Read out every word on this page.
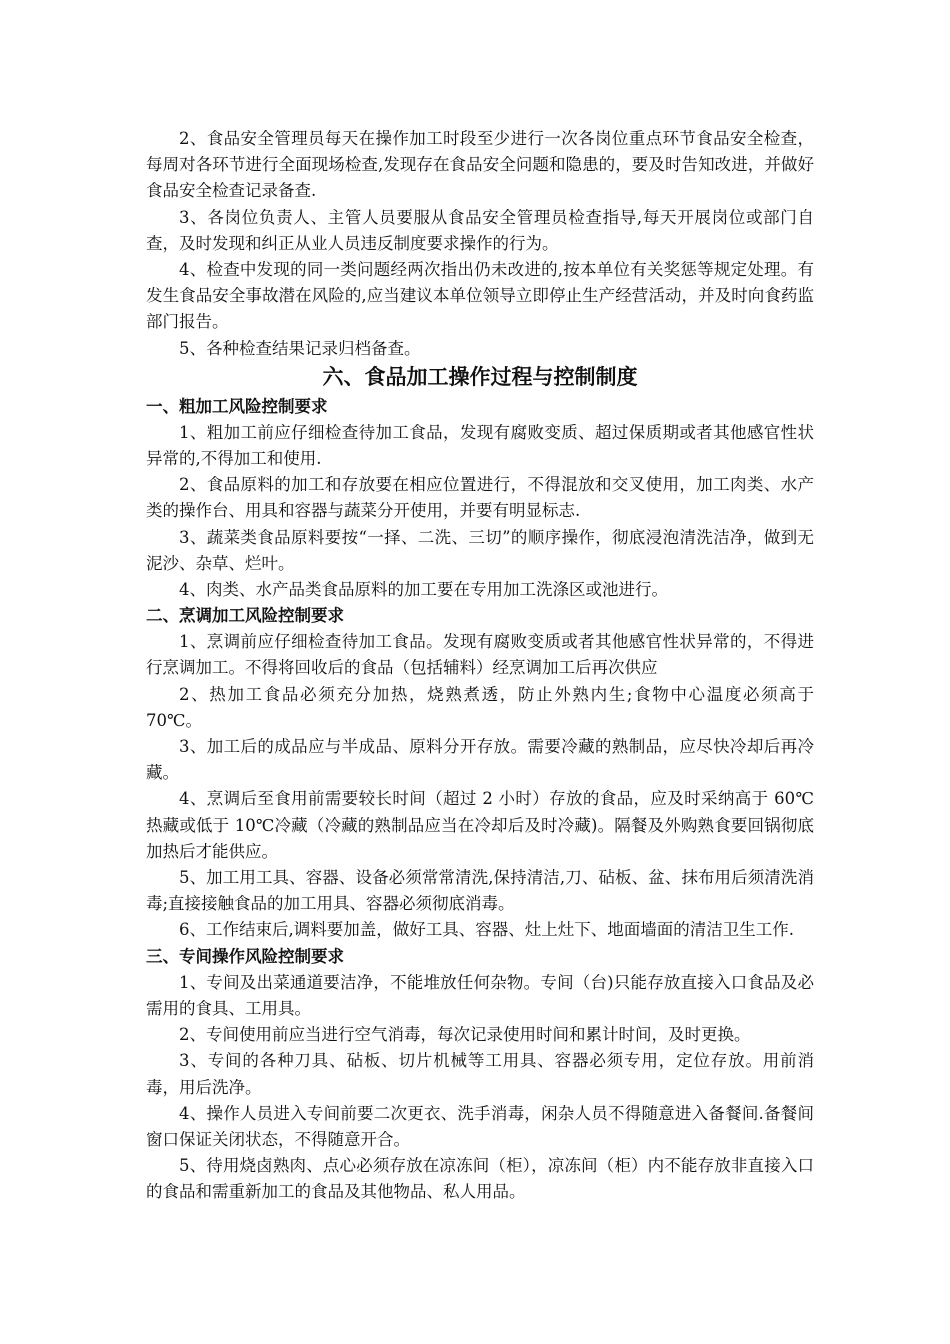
2、食品安全管理员每天在操作加工时段至少进行一次各岗位重点环节食品安全检查，每周对各环节进行全面现场检查,发现存在食品安全问题和隐患的，要及时告知改进，并做好食品安全检查记录备查.

3、各岗位负责人、主管人员要服从食品安全管理员检查指导,每天开展岗位或部门自查，及时发现和纠正从业人员违反制度要求操作的行为。

4、检查中发现的同一类问题经两次指出仍未改进的,按本单位有关奖惩等规定处理。有发生食品安全事故潜在风险的,应当建议本单位领导立即停止生产经营活动，并及时向食药监部门报告。

5、各种检查结果记录归档备查。

六、食品加工操作过程与控制制度

一、粗加工风险控制要求

1、粗加工前应仔细检查待加工食品，发现有腐败变质、超过保质期或者其他感官性状异常的,不得加工和使用.

2、食品原料的加工和存放要在相应位置进行，不得混放和交叉使用，加工肉类、水产类的操作台、用具和容器与蔬菜分开使用，并要有明显标志.

3、蔬菜类食品原料要按“一择、二洗、三切”的顺序操作，彻底浸泡清洗洁净，做到无泥沙、杂草、烂叶。

4、肉类、水产品类食品原料的加工要在专用加工洗涤区或池进行。

二、烹调加工风险控制要求

1、烹调前应仔细检查待加工食品。发现有腐败变质或者其他感官性状异常的，不得进行烹调加工。不得将回收后的食品（包括辅料）经烹调加工后再次供应

2、热加工食品必须充分加热，烧熟煮透，防止外熟内生;食物中心温度必须高于 70℃。

3、加工后的成品应与半成品、原料分开存放。需要冷藏的熟制品，应尽快冷却后再冷藏。

4、烹调后至食用前需要较长时间（超过 2 小时）存放的食品，应及时采纳高于 60℃热藏或低于 10℃冷藏（冷藏的熟制品应当在冷却后及时冷藏)。隔餐及外购熟食要回锅彻底加热后才能供应。

5、加工用工具、容器、设备必须常常清洗,保持清洁,刀、砧板、盆、抹布用后须清洗消毒;直接接触食品的加工用具、容器必须彻底消毒。

6、工作结束后,调料要加盖，做好工具、容器、灶上灶下、地面墙面的清洁卫生工作.

三、专间操作风险控制要求

1、专间及出菜通道要洁净，不能堆放任何杂物。专间（台)只能存放直接入口食品及必需用的食具、工用具。

2、专间使用前应当进行空气消毒，每次记录使用时间和累计时间，及时更换。

3、专间的各种刀具、砧板、切片机械等工用具、容器必须专用，定位存放。用前消毒，用后洗净。

4、操作人员进入专间前要二次更衣、洗手消毒，闲杂人员不得随意进入备餐间.备餐间窗口保证关闭状态，不得随意开合。

5、待用烧卤熟肉、点心必须存放在凉冻间（柜），凉冻间（柜）内不能存放非直接入口的食品和需重新加工的食品及其他物品、私人用品。
